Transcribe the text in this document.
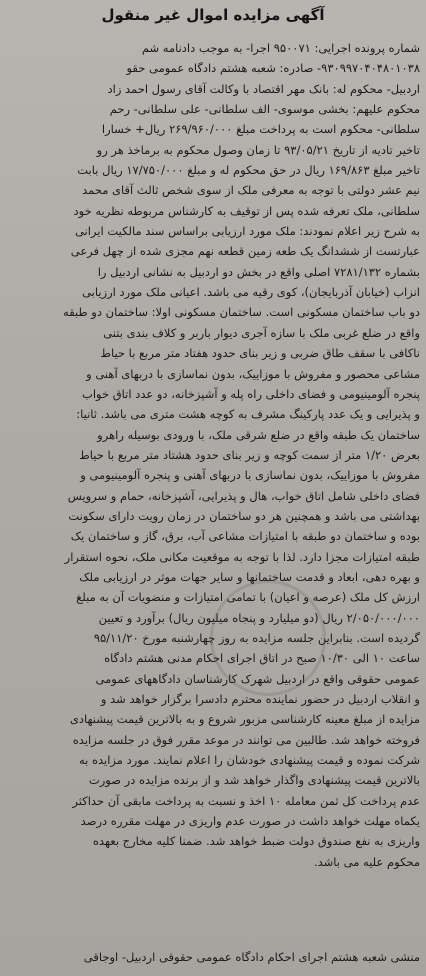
آگهی مزایده اموال غیر منقول
شماره پرونده اجرایی: ۹۵۰۰۷۱ اجرا- به موجب دادنامه شم
۹۳۰۹۹۷۰۴۰۴۸۰۱۰۳۸- صادره: شعبه هشتم دادگاه عمومی حقو
اردبیل- محکوم له: بانک مهر اقتصاد با وکالت آقای رسول احمد زاد
محکوم علیهم: بخشی موسوی- الف سلطانی- علی سلطانی- رحم
سلطانی- محکوم است به پرداخت مبلغ ۲۶۹/۹۶۰/۰۰۰ ریال+ خسارا
تاخیر تادیه از تاریخ ۹۳/۰۵/۲۱ تا زمان وصول محکوم به برماخذ هر رو
تاخیر مبلغ ۱۶۹/۸۶۳ ریال در حق محکوم له و مبلغ ۱۷/۷۵۰/۰۰۰ ریال بابت
نیم عشر دولتی با توجه به معرفی ملک از سوی شخص ثالث آقای محمد
سلطانی، ملک تعرفه شده پس از توقیف به کارشناس مربوطه نظریه خود
به شرح زیر اعلام نمودند: ملک مورد ارزیابی براساس سند مالکیت ایرانی
عبارتست از ششدانگ یک طعه زمین قطعه نهم مجزی شده از چهل فرعی
بشماره ۷۲۸۱/۱۳۲ اصلی واقع در بخش دو اردبیل به نشانی اردبیل را
انزاب (خیابان آذربایجان)، کوی رقیه می باشد. اعیانی ملک مورد ارزیابی
دو باب ساختمان مسکونی است. ساختمان مسکونی اولا: ساختمان دو طبقه
واقع در ضلع غربی ملک با سازه آجری دیوار باربر و کلاف بندی بتنی
ناکافی با سقف طاق ضربی و زیر بنای حدود هفتاد متر مربع با حیاط
مشاعی محصور و مفروش با موزاییک، بدون نماسازی با دربهای آهنی و
پنجره آلومینیومی و فضای داخلی راه پله و آشپزخانه، دو عدد اتاق خواب
و پذیرایی و یک عدد پارکینگ مشرف به کوچه هشت متری می باشد. ثانیا:
ساختمان یک طبقه واقع در ضلع شرقی ملک، با ورودی بوسیله راهرو
بعرض ۱/۲۰ متر از سمت کوچه و زیر بنای حدود هشتاد متر مربع با حیاط
مفروش با موزاییک، بدون نماسازی با دربهای آهنی و پنجره آلومینیومی و
فضای داخلی شامل اتاق خواب، هال و پذیرایی، آشپزخانه، حمام و سرویس
بهداشتی می باشد و همچنین هر دو ساختمان در زمان رویت دارای سکونت
بوده و ساختمان دو طبقه با امتیازات مشاعی آب، برق، گاز و ساختمان یک
طبقه امتیازات مجزا دارد. لذا با توجه به موقعیت مکانی ملک، نحوه استقرار
و بهره دهی، ابعاد و قدمت ساختمانها و سایر جهات موثر در ارزیابی ملک
ارزش کل ملک (عرصه و اعیان) با تمامی امتیازات و منضویات آن به مبلغ
۲/۰۵۰/۰۰۰/۰۰۰ ریال (دو میلیارد و پنجاه میلیون ریال) برآورد و تعیین
گردیده است. بنابراین جلسه مزایده به روز چهارشنبه مورخ ۹۵/۱۱/۲۰
ساعت ۱۰ الی ۱۰/۳۰ صبح در اتاق اجرای احکام مدنی هشتم دادگاه
عمومی حقوقی واقع در اردبیل شهرک کارشناسان دادگاههای عمومی
و انقلاب اردبیل در حضور نماینده محترم دادسرا برگزار خواهد شد و
مزایده از مبلغ معینه کارشناسی مزبور شروع و به بالاترین قیمت پیشنهادی
فروخته خواهد شد. طالبین می توانند در موعد مقرر فوق در جلسه مزایده
شرکت نموده و قیمت پیشنهادی خودشان را اعلام نمایند. مورد مزایده به
بالاترین قیمت پیشنهادی واگذار خواهد شد و از برنده مزایده در صورت
عدم پرداخت کل ثمن معامله ۱۰ اخذ و نسبت به پرداخت مابقی آن حداکثر
یکماه مهلت خواهد داشت در صورت عدم واریزی در مهلت مقرره درصد
واریزی به نفع صندوق دولت ضبط خواهد شد. ضمنا کلیه مخارج بعهده
محکوم علیه می باشد.
منشی شعبه هشتم اجرای احکام دادگاه عمومی حقوقی اردبیل- اوجاقی
